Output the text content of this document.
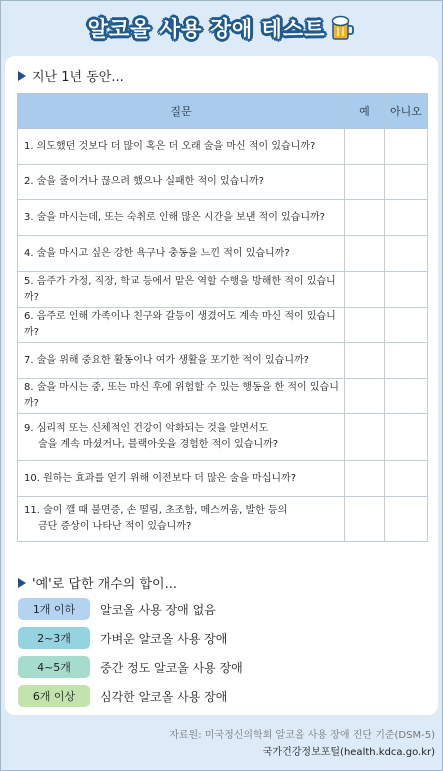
알코올 사용 장애 테스트
지난 1년 동안...
질문	예	아니오

1. 의도했던 것보다 더 많이 혹은 더 오래 술을 마신 적이 있습니까?		

2. 술을 줄이거나 끊으려 했으나 실패한 적이 있습니까?		

3. 술을 마시는데, 또는 숙취로 인해 많은 시간을 보낸 적이 있습니까?		

4. 술을 마시고 싶은 강한 욕구나 충동을 느낀 적이 있습니까?		

5. 음주가 가정, 직장, 학교 등에서 맡은 역할 수행을 방해한 적이 있습니까?		

6. 음주로 인해 가족이나 친구와 갈등이 생겼어도 계속 마신 적이 있습니까?		

7. 술을 위해 중요한 활동이나 여가 생활을 포기한 적이 있습니까?		

8. 술을 마시는 중, 또는 마신 후에 위험할 수 있는 행동을 한 적이 있습니까?		

9. 심리적 또는 신체적인 건강이 악화되는 것을 알면서도
술을 계속 마셨거나, 블랙아웃을 경험한 적이 있습니까?		

10. 원하는 효과를 얻기 위해 이전보다 더 많은 술을 마십니까?		

11. 술이 깰 때 불면증, 손 떨림, 초조함, 메스꺼움, 발한 등의
금단 증상이 나타난 적이 있습니까?		

'예'로 답한 개수의 합이...
1개 이하	알코올 사용 장애 없음
2~3개	가벼운 알코올 사용 장애
4~5개	중간 정도 알코올 사용 장애
6개 이상	심각한 알코올 사용 장애
자료원: 미국정신의학회 알코올 사용 장애 진단 기준(DSM-5)
국가건강정보포털(health.kdca.go.kr)
